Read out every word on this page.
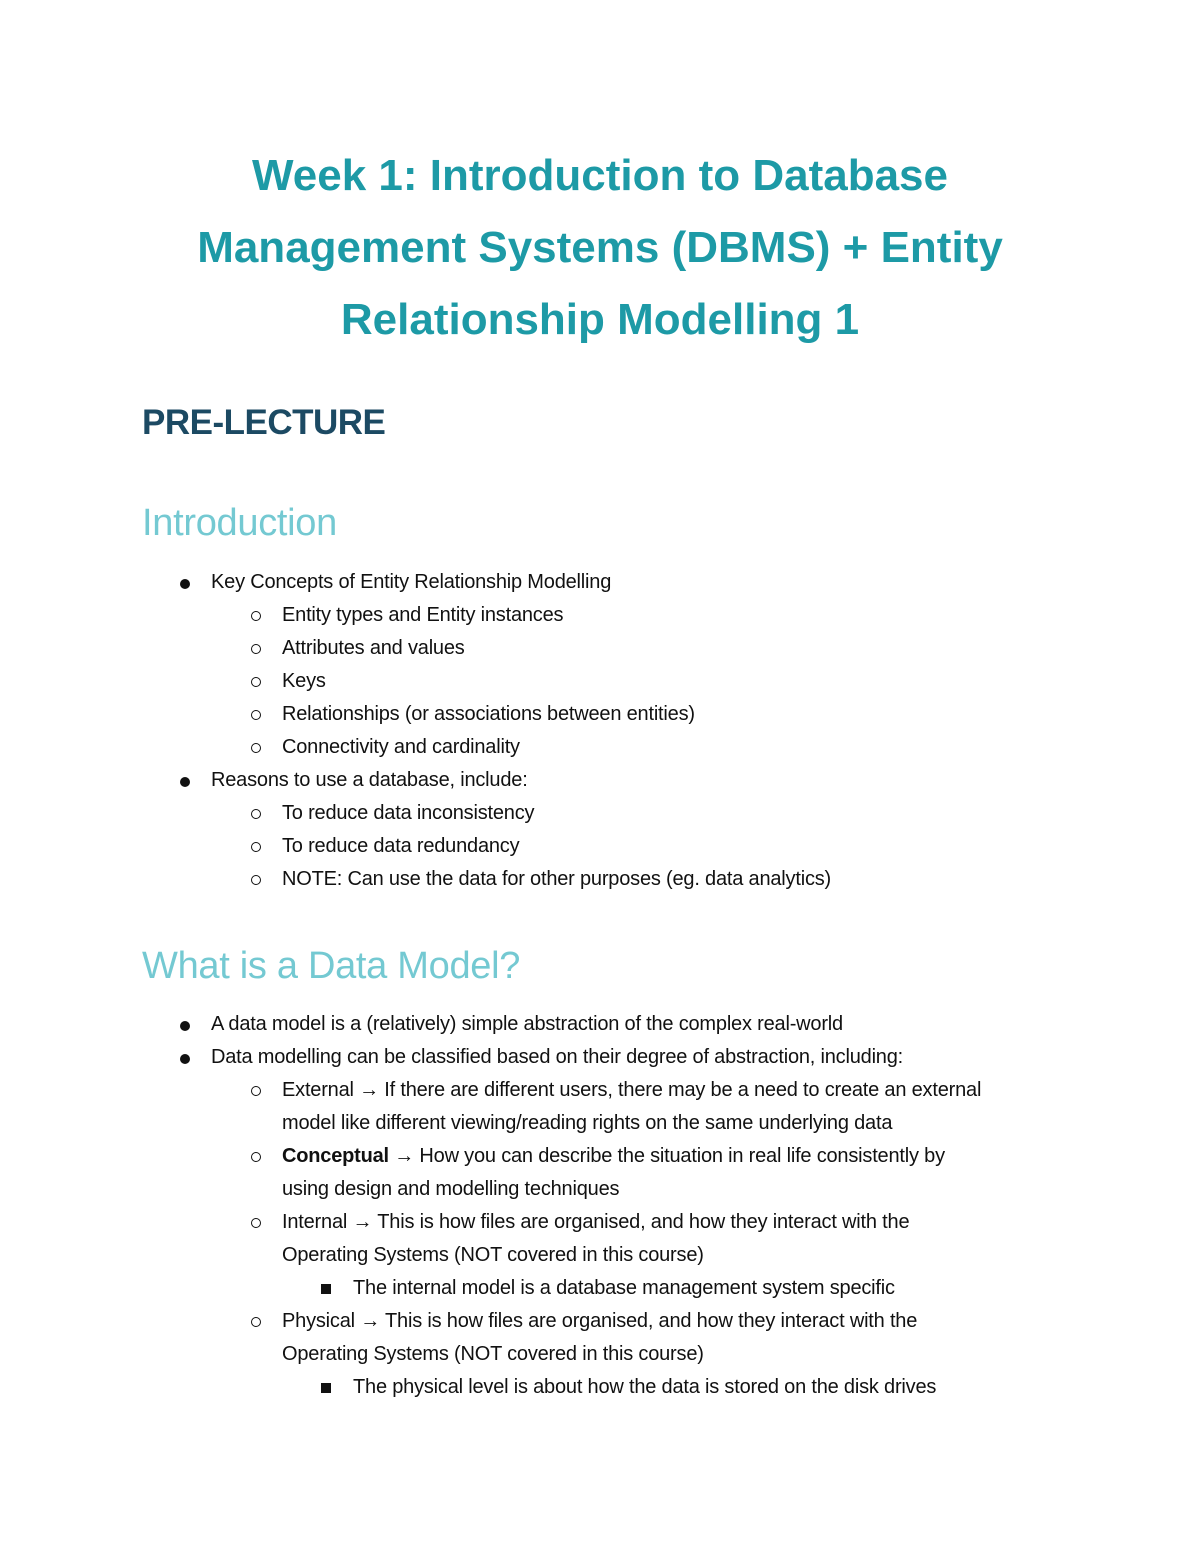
Week 1: Introduction to Database
Management Systems (DBMS) + Entity
Relationship Modelling 1
PRE-LECTURE
Introduction
Key Concepts of Entity Relationship Modelling
Entity types and Entity instances
Attributes and values
Keys
Relationships (or associations between entities)
Connectivity and cardinality
Reasons to use a database, include:
To reduce data inconsistency
To reduce data redundancy
NOTE: Can use the data for other purposes (eg. data analytics)
What is a Data Model?
A data model is a (relatively) simple abstraction of the complex real-world
Data modelling can be classified based on their degree of abstraction, including:
External → If there are different users, there may be a need to create an external
model like different viewing/reading rights on the same underlying data
Conceptual → How you can describe the situation in real life consistently by
using design and modelling techniques
Internal → This is how files are organised, and how they interact with the
Operating Systems (NOT covered in this course)
The internal model is a database management system specific
Physical → This is how files are organised, and how they interact with the
Operating Systems (NOT covered in this course)
The physical level is about how the data is stored on the disk drives
